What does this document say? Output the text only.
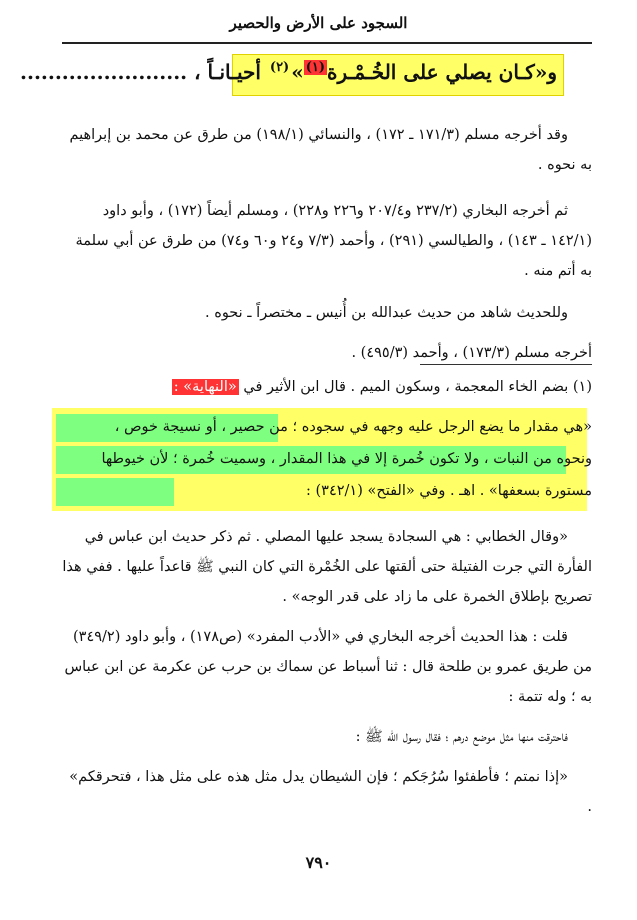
السجود على الأرض والحصير
و«كـان يصلي على الخُـمْـرة$^{(١)}$»$^{(٢)}$ أحيـانـاً ، ........................
وقد أخرجه مسلم (١٧١/٣ ـ ١٧٢) ، والنسائي (١٩٨/١) من طرق عن محمد بن إبراهيم به نحوه .
ثم أخرجه البخاري (٢٣٧/٢ و٢٠٧/٤ و٢٢٦ و٢٢٨) ، ومسلم أيضاً (١٧٢) ، وأبو داود (١٤٢/١ ـ ١٤٣) ، والطيالسي (٢٩١) ، وأحمد (٧/٣ و٢٤ و٦٠ و٧٤) من طرق عن أبي سلمة به أتم منه .
وللحديث شاهد من حديث عبدالله بن أُنيس ـ مختصراً ـ نحوه .
أخرجه مسلم (١٧٣/٣) ، وأحمد (٤٩٥/٣) .
(١) بضم الخاء المعجمة ، وسكون الميم . قال ابن الأثير في «النهاية» :
«هي مقدار ما يضع الرجل عليه وجهه في سجوده ؛ من حصير ، أو نسيجة خوص ،
ونحوه من النبات ، ولا تكون خُمرة إلا في هذا المقدار ، وسميت خُمرة ؛ لأن خيوطها
مستورة بسعفها» . اهـ . وفي «الفتح» (٣٤٢/١) :
«وقال الخطابي : هي السجادة يسجد عليها المصلي . ثم ذكر حديث ابن عباس في الفأرة التي جرت الفتيلة حتى ألقتها على الخُمْرة التي كان النبي ﷺ قاعداً عليها . ففي هذا تصريح بإطلاق الخمرة على ما زاد على قدر الوجه» .
قلت : هذا الحديث أخرجه البخاري في «الأدب المفرد» (ص١٧٨) ، وأبو داود (٣٤٩/٢) من طريق عمرو بن طلحة قال : ثنا أسباط عن سماك بن حرب عن عكرمة عن ابن عباس به ؛ وله تتمة :
فاحترقت منها مثل موضع درهم ؛ فقال رسول الله ﷺ :
«إذا نمتم ؛ فأطفئوا سُرُجَكم ؛ فإن الشيطان يدل مثل هذه على مثل هذا ، فتحرقكم» .
٧٩٠
